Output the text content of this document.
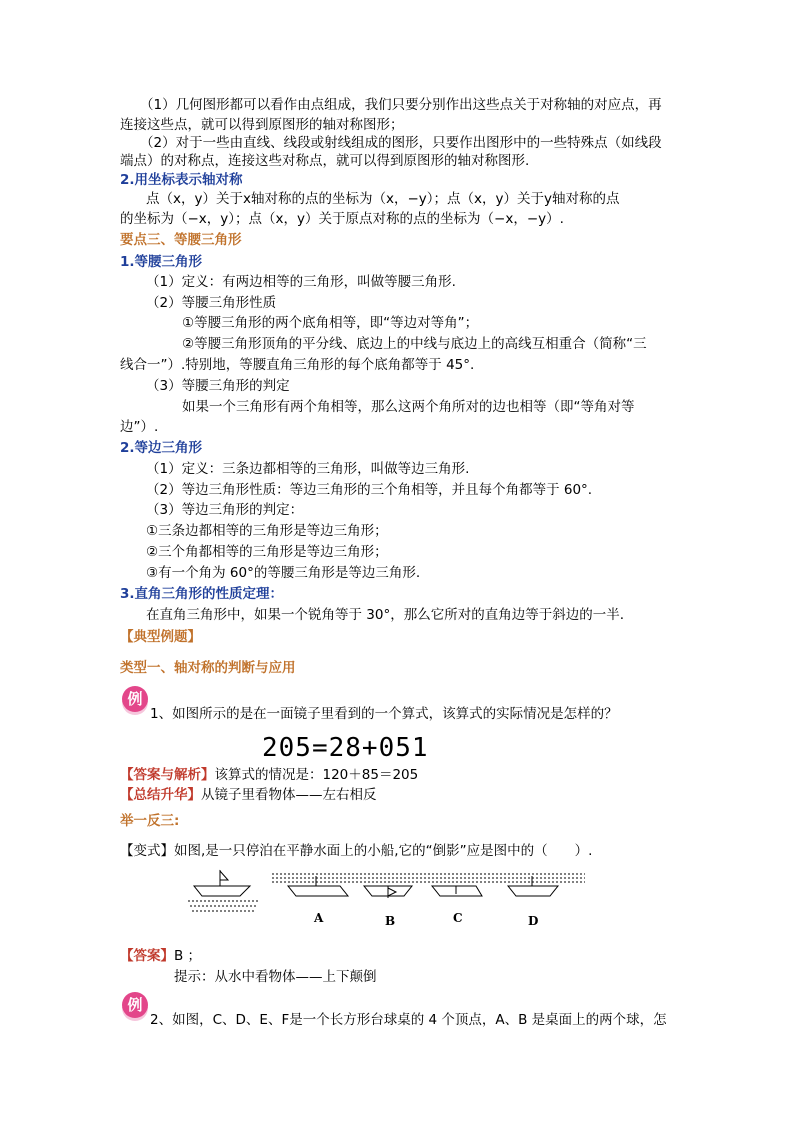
（1）几何图形都可以看作由点组成，我们只要分别作出这些点关于对称轴的对应点，再
连接这些点，就可以得到原图形的轴对称图形；
（2）对于一些由直线、线段或射线组成的图形，只要作出图形中的一些特殊点（如线段
端点）的对称点，连接这些对称点，就可以得到原图形的轴对称图形.
2.用坐标表示轴对称
点（x，y）关于x轴对称的点的坐标为（x，−y）；点（x，y）关于y轴对称的点
的坐标为（−x，y）；点（x，y）关于原点对称的点的坐标为（−x，−y）.
要点三、等腰三角形
1.等腰三角形
（1）定义：有两边相等的三角形，叫做等腰三角形.
（2）等腰三角形性质
①等腰三角形的两个底角相等，即“等边对等角”；
②等腰三角形顶角的平分线、底边上的中线与底边上的高线互相重合（简称“三
线合一”）.特别地，等腰直角三角形的每个底角都等于 45°.
（3）等腰三角形的判定
如果一个三角形有两个角相等，那么这两个角所对的边也相等（即“等角对等
边”）.
2.等边三角形
（1）定义：三条边都相等的三角形，叫做等边三角形.
（2）等边三角形性质：等边三角形的三个角相等，并且每个角都等于 60°.
（3）等边三角形的判定：
①三条边都相等的三角形是等边三角形；
②三个角都相等的三角形是等边三角形；
③有一个角为 60°的等腰三角形是等边三角形.
3.直角三角形的性质定理：
在直角三角形中，如果一个锐角等于 30°，那么它所对的直角边等于斜边的一半.
【典型例题】
类型一、轴对称的判断与应用
例
1、如图所示的是在一面镜子里看到的一个算式，该算式的实际情况是怎样的？
205=28+051
【答案与解析】该算式的情况是：120＋85＝205
【总结升华】从镜子里看物体——左右相反
举一反三:
【变式】如图,是一只停泊在平静水面上的小船,它的“倒影”应是图中的（　　）.
A	B	C	D
【答案】B ；
提示：从水中看物体——上下颠倒
例
2、如图，C、D、E、F是一个长方形台球桌的 4 个顶点，A、B 是桌面上的两个球，怎
